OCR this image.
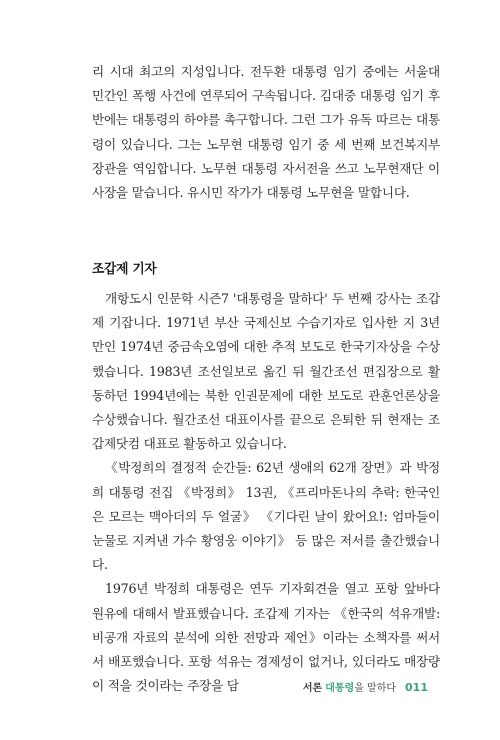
리 시대 최고의 지성입니다. 전두환 대통령 임기 중에는 서울대 민간인 폭행 사건에 연루되어 구속됩니다. 김대중 대통령 임기 후반에는 대통령의 하야를 촉구합니다. 그런 그가 유독 따르는 대통령이 있습니다. 그는 노무현 대통령 임기 중 세 번째 보건복지부 장관을 역임합니다. 노무현 대통령 자서전을 쓰고 노무현재단 이사장을 맡습니다. 유시민 작가가 대통령 노무현을 말합니다.

조갑제 기자

개항도시 인문학 시즌7 '대통령을 말하다' 두 번째 강사는 조갑제 기잡니다. 1971년 부산 국제신보 수습기자로 입사한 지 3년 만인 1974년 중금속오염에 대한 추적 보도로 한국기자상을 수상했습니다. 1983년 조선일보로 옮긴 뒤 월간조선 편집장으로 활동하던 1994년에는 북한 인권문제에 대한 보도로 관훈언론상을 수상했습니다. 월간조선 대표이사를 끝으로 은퇴한 뒤 현재는 조갑제닷컴 대표로 활동하고 있습니다.

《박정희의 결정적 순간들: 62년 생애의 62개 장면》과 박정희 대통령 전집 《박정희》 13권, 《프리마돈나의 추락: 한국인은 모르는 맥아더의 두 얼굴》 《기다린 날이 왔어요!: 엄마들이 눈물로 지켜낸 가수 황영웅 이야기》 등 많은 저서를 출간했습니다.

1976년 박정희 대통령은 연두 기자회견을 열고 포항 앞바다 원유에 대해서 발표했습니다. 조갑제 기자는 《한국의 석유개발: 비공개 자료의 분석에 의한 전망과 제언》이라는 소책자를 써서서 배포했습니다. 포항 석유는 경제성이 없거나, 있더라도 매장량이 적을 것이라는 주장을 담	서론 대통령을 말하다 011
